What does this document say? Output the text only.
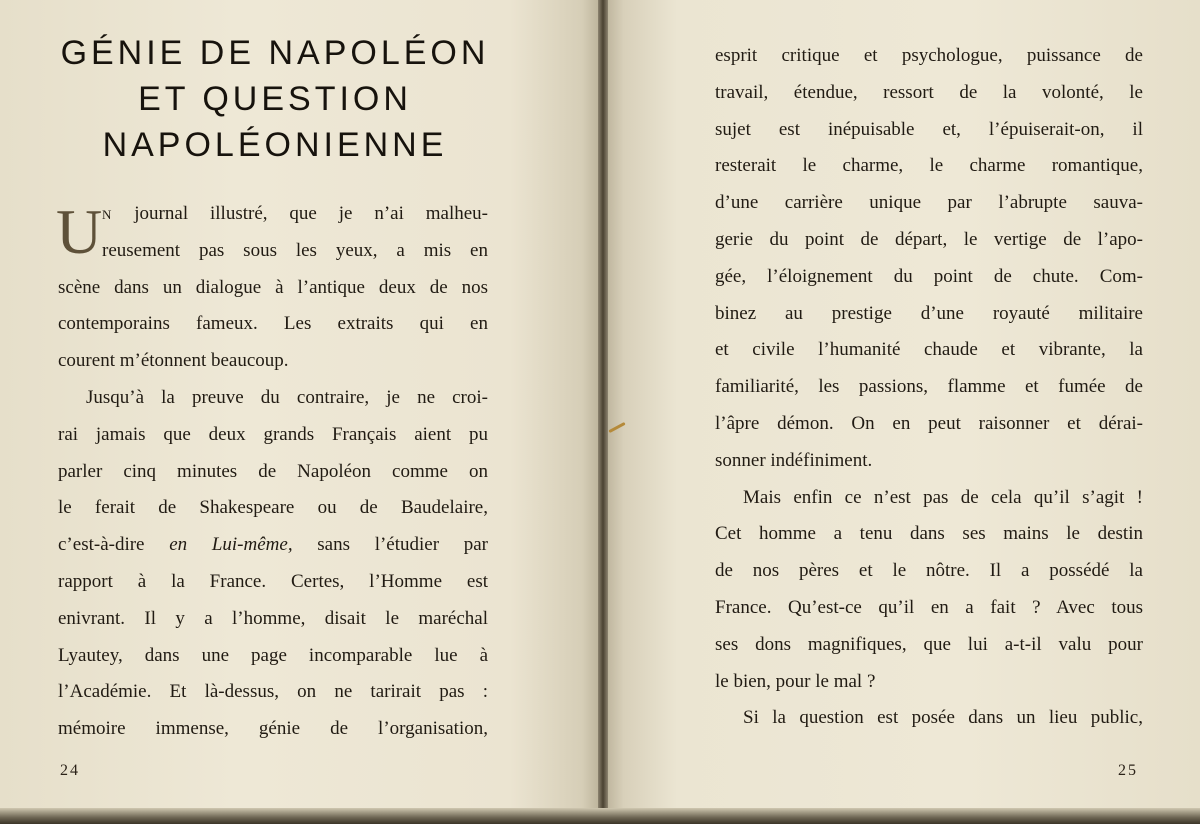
GÉNIE DE NAPOLÉON
ET QUESTION
NAPOLÉONIENNE
n journal illustré, que je n’ai malheu-
U reusement pas sous les yeux, a mis en
scène dans un dialogue à l’antique deux de nos
contemporains fameux. Les extraits qui en
courent m’étonnent beaucoup.
Jusqu’à la preuve du contraire, je ne croi-
rai jamais que deux grands Français aient pu
parler cinq minutes de Napoléon comme on
le ferait de Shakespeare ou de Baudelaire,
c’est-à-dire en Lui-même, sans l’étudier par
rapport à la France. Certes, l’Homme est
enivrant. Il y a l’homme, disait le maréchal
Lyautey, dans une page incomparable lue à
l’Académie. Et là-dessus, on ne tarirait pas :
mémoire immense, génie de l’organisation,
24
esprit critique et psychologue, puissance de
travail, étendue, ressort de la volonté, le
sujet est inépuisable et, l’épuiserait-on, il
resterait le charme, le charme romantique,
d’une carrière unique par l’abrupte sauva-
gerie du point de départ, le vertige de l’apo-
gée, l’éloignement du point de chute. Com-
binez au prestige d’une royauté militaire
et civile l’humanité chaude et vibrante, la
familiarité, les passions, flamme et fumée de
l’âpre démon. On en peut raisonner et dérai-
sonner indéfiniment.
Mais enfin ce n’est pas de cela qu’il s’agit !
Cet homme a tenu dans ses mains le destin
de nos pères et le nôtre. Il a possédé la
France. Qu’est-ce qu’il en a fait ? Avec tous
ses dons magnifiques, que lui a-t-il valu pour
le bien, pour le mal ?
Si la question est posée dans un lieu public,
25
